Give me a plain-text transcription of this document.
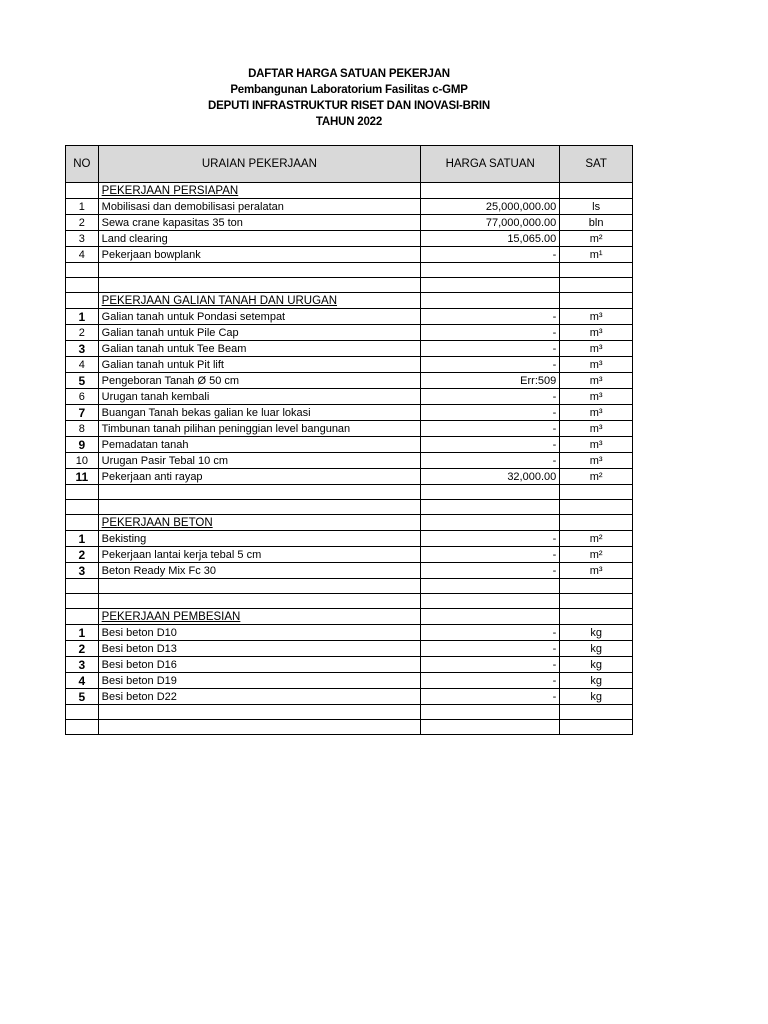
DAFTAR HARGA SATUAN PEKERJAN
Pembangunan Laboratorium Fasilitas c-GMP
DEPUTI INFRASTRUKTUR RISET DAN INOVASI-BRIN
TAHUN 2022
NO	URAIAN PEKERJAAN	HARGA SATUAN	SAT
	PEKERJAAN PERSIAPAN		
1	Mobilisasi dan demobilisasi peralatan	25,000,000.00	ls
2	Sewa crane kapasitas 35 ton	77,000,000.00	bln
3	Land clearing	15,065.00	m²
4	Pekerjaan bowplank	-	m¹

	PEKERJAAN GALIAN TANAH DAN URUGAN		
1	Galian tanah untuk Pondasi setempat	-	m³
2	Galian tanah untuk Pile Cap	-	m³
3	Galian tanah untuk Tee Beam	-	m³
4	Galian tanah untuk Pit lift	-	m³
5	Pengeboran Tanah Ø 50 cm	Err:509	m³
6	Urugan tanah kembali	-	m³
7	Buangan Tanah bekas galian ke luar lokasi	-	m³
8	Timbunan tanah pilihan peninggian level bangunan	-	m³
9	Pemadatan tanah	-	m³
10	Urugan Pasir Tebal 10 cm	-	m³
11	Pekerjaan anti rayap	32,000.00	m²

	PEKERJAAN BETON		
1	Bekisting	-	m²
2	Pekerjaan lantai kerja tebal 5 cm	-	m²
3	Beton Ready Mix Fc 30	-	m³

	PEKERJAAN PEMBESIAN		
1	Besi beton D10	-	kg
2	Besi beton D13	-	kg
3	Besi beton D16	-	kg
4	Besi beton D19	-	kg
5	Besi beton D22	-	kg
